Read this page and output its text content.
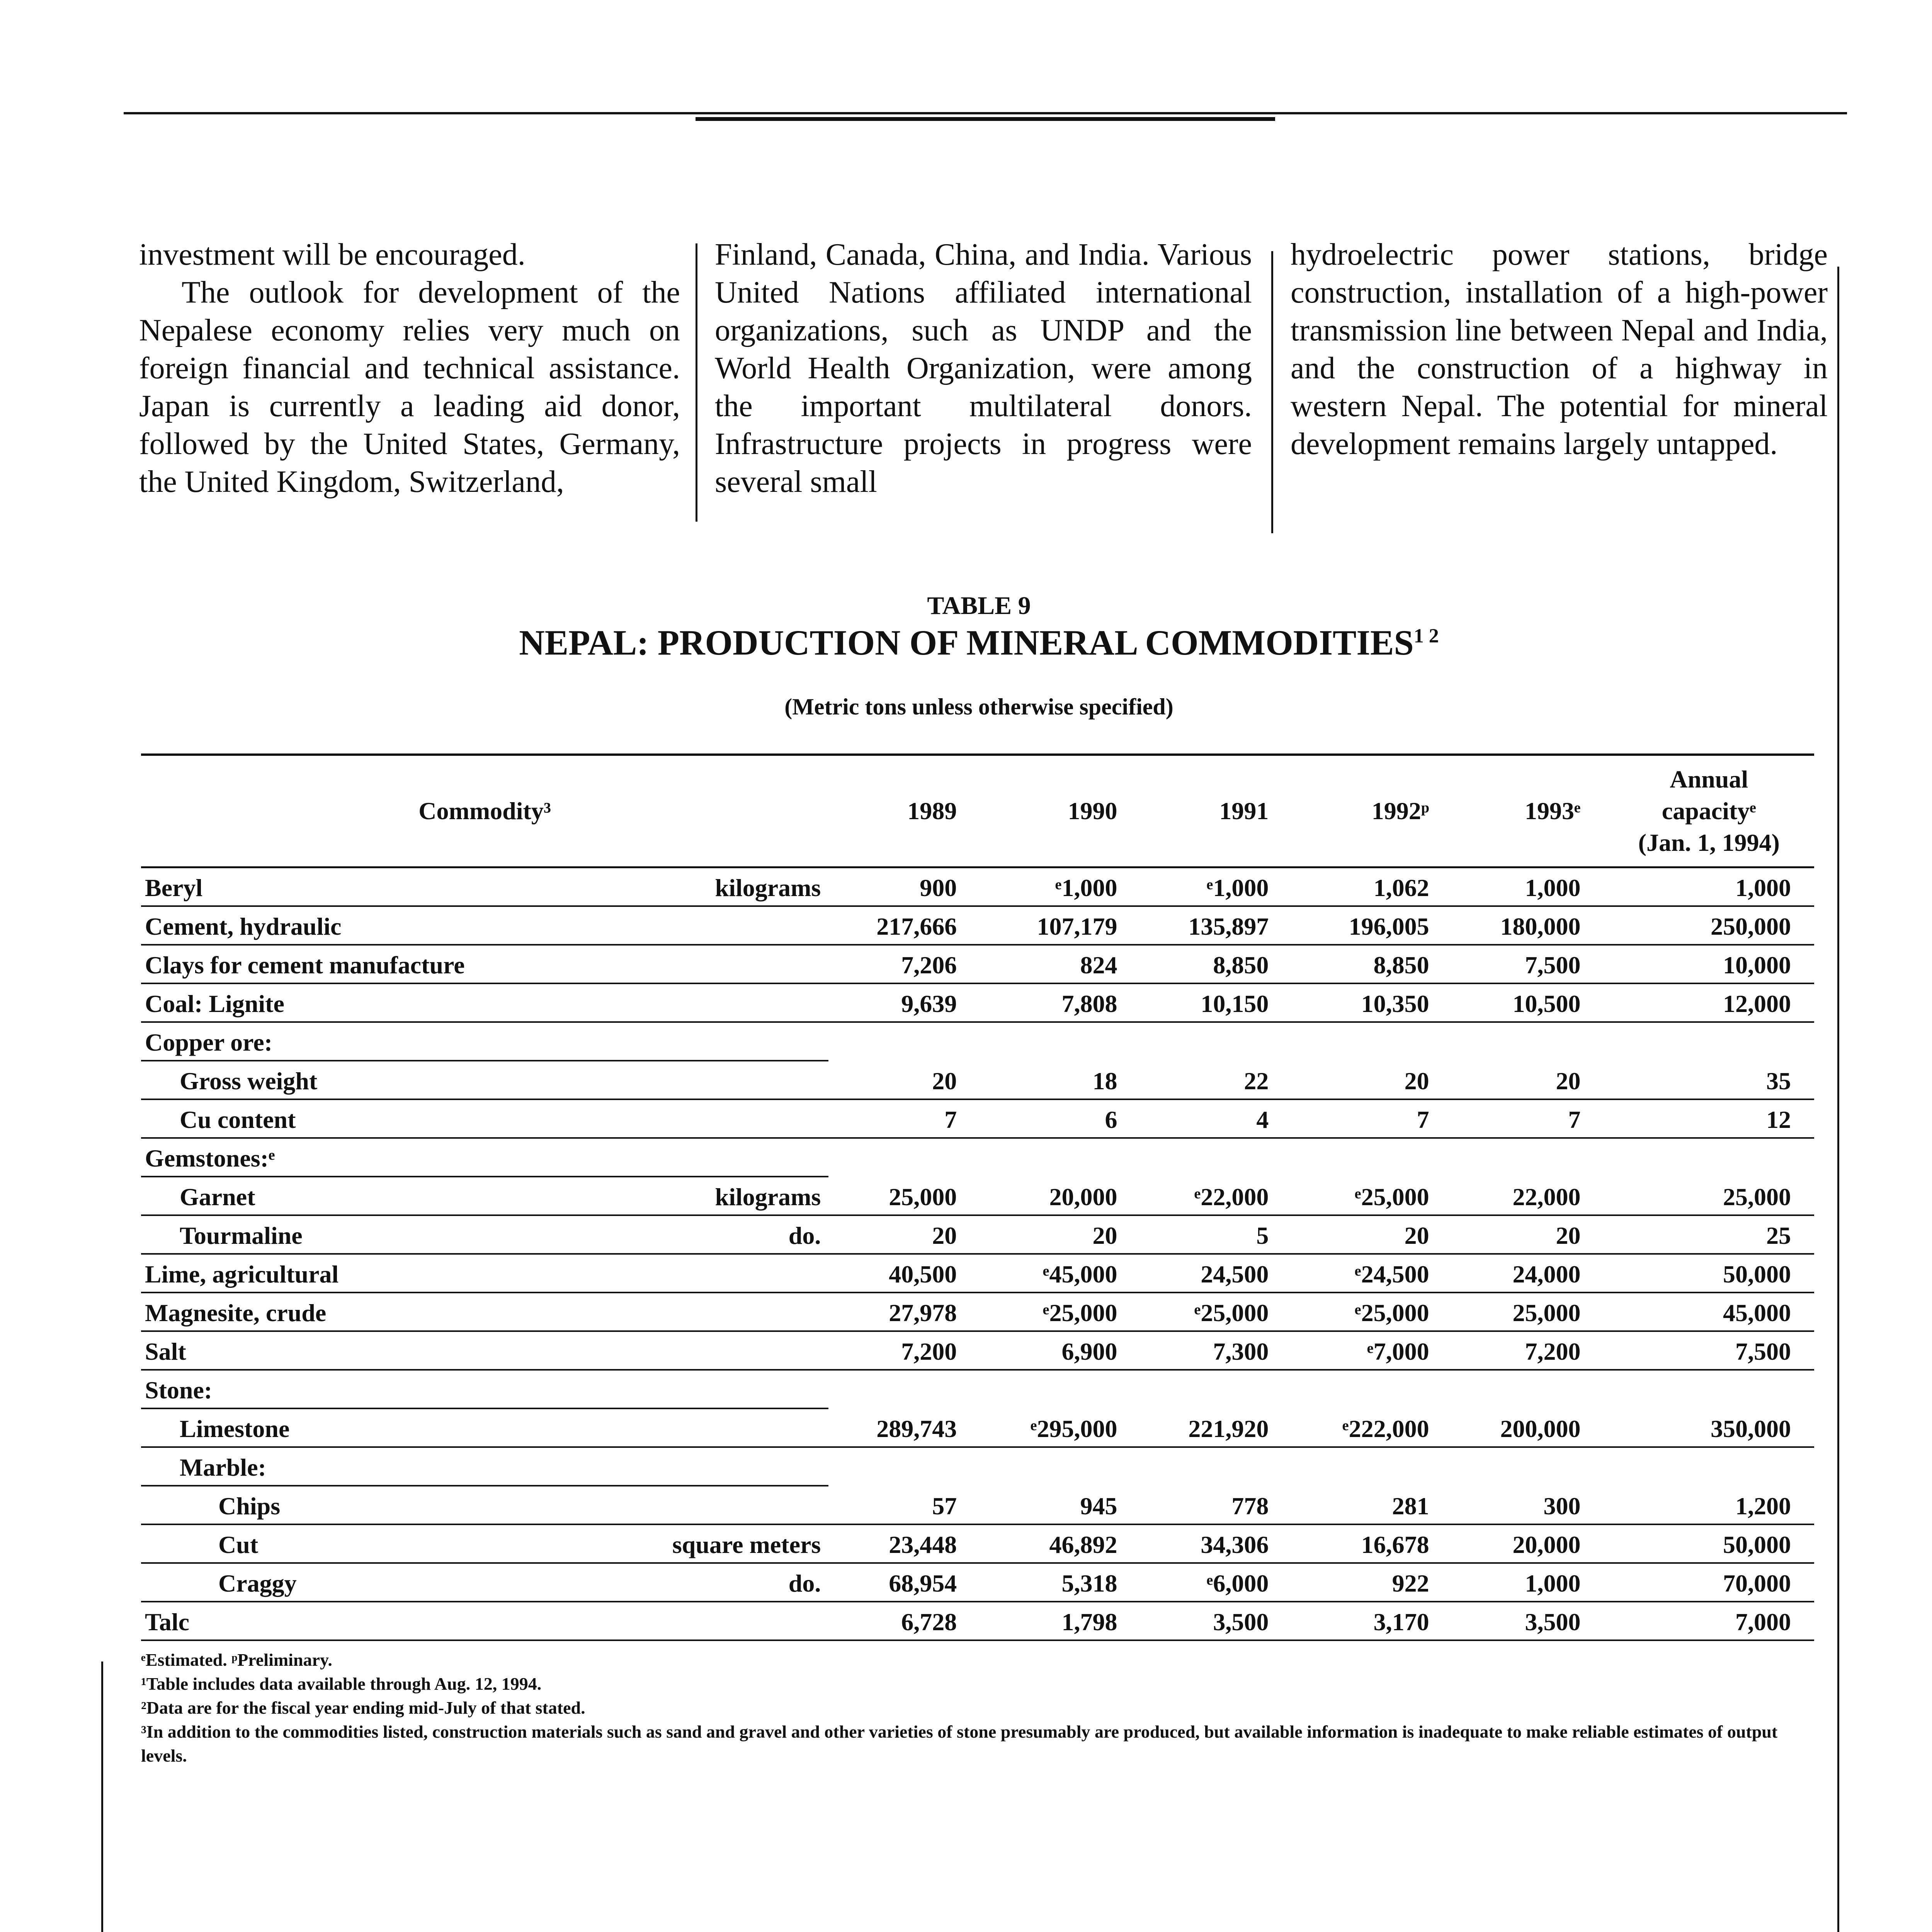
investment will be encouraged.

The outlook for development of the Nepalese economy relies very much on foreign financial and technical assistance. Japan is currently a leading aid donor, followed by the United States, Germany, the United Kingdom, Switzerland,

Finland, Canada, China, and India. Various United Nations affiliated international organizations, such as UNDP and the World Health Organization, were among the important multilateral donors. Infrastructure projects in progress were several small

hydroelectric power stations, bridge construction, installation of a high-power transmission line between Nepal and India, and the construction of a highway in western Nepal. The potential for mineral development remains largely untapped.

TABLE 9
NEPAL: PRODUCTION OF MINERAL $COMMODITIES^{1 2}$
(Metric tons unless otherwise specified)
Commodity³		1989	1990	1991	1992ᵖ	1993ᵉ	Annual
capacityᵉ
(Jan. 1, 1994)
Beryl	kilograms	900	ᵉ1,000	ᵉ1,000	1,062	1,000	1,000
Cement, hydraulic		217,666	107,179	135,897	196,005	180,000	250,000
Clays for cement manufacture		7,206	824	8,850	8,850	7,500	10,000
Coal: Lignite		9,639	7,808	10,150	10,350	10,500	12,000
Copper ore:							
Gross weight		20	18	22	20	20	35
Cu content		7	6	4	7	7	12
Gemstones:ᵉ							
Garnet	kilograms	25,000	20,000	ᵉ22,000	ᵉ25,000	22,000	25,000
Tourmaline	do.	20	20	5	20	20	25
Lime, agricultural		40,500	ᵉ45,000	24,500	ᵉ24,500	24,000	50,000
Magnesite, crude		27,978	ᵉ25,000	ᵉ25,000	ᵉ25,000	25,000	45,000
Salt		7,200	6,900	7,300	ᵉ7,000	7,200	7,500
Stone:							
Limestone		289,743	ᵉ295,000	221,920	ᵉ222,000	200,000	350,000
Marble:							
Chips		57	945	778	281	300	1,200
Cut	square meters	23,448	46,892	34,306	16,678	20,000	50,000
Craggy	do.	68,954	5,318	ᵉ6,000	922	1,000	70,000
Talc		6,728	1,798	3,500	3,170	3,500	7,000

ᵉEstimated. ᵖPreliminary.

¹Table includes data available through Aug. 12, 1994.

²Data are for the fiscal year ending mid-July of that stated.

³In addition to the commodities listed, construction materials such as sand and gravel and other varieties of stone presumably are produced, but available information is inadequate to make reliable estimates of output levels.
